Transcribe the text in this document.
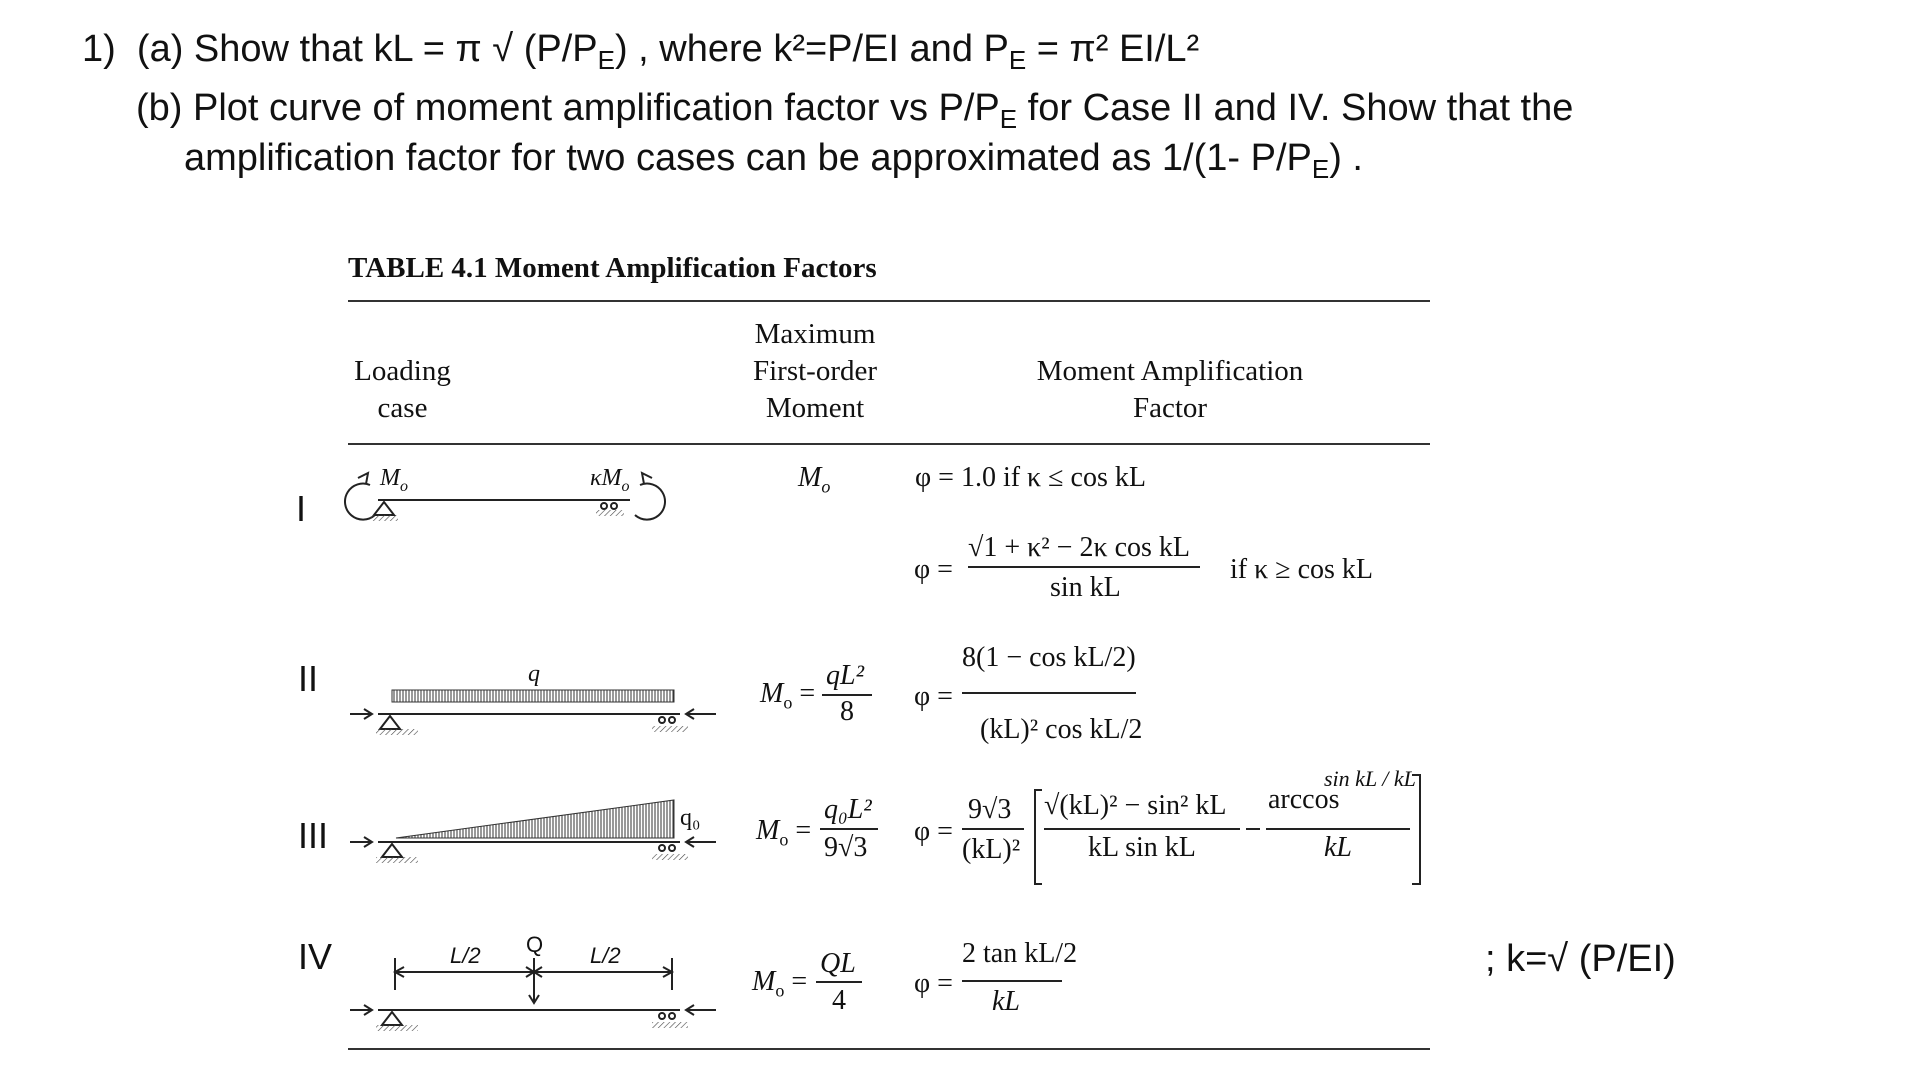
1) (a) Show that kL = π √ $(P/P_E)$ , where k²=P/EI and $P_E = \pi^2$ EI/L²
(b) Plot curve of moment amplification factor vs $P/P_E$ for Case II and IV. Show that the
amplification factor for two cases can be approximated as 1/(1- $P/P_E$) .
TABLE 4.1 Moment Amplification Factors
Loading
case
Maximum
First-order
Moment
Moment Amplification
Factor
I
II
III
IV
$M_o$	$\kappa M_o$
q
q₀
L/2 Q L/2
$M_o$
$M_o$ =
qL²
8
$M_o$ =
q₀L²
9√3
$M_o$ =
QL
4
φ = 1.0 if κ ≤ cos kL
φ =
√1 + κ² − 2κ cos kL
sin kL
if κ ≥ cos kL
φ =
8(1 − cos kL/2)
(kL)² cos kL/2
φ =
9√3
(kL)²
√(kL)² − sin² kL
kL sin kL
arccos
sin kL / kL
kL
φ =
2 tan kL/2
kL
; k=√ (P/EI)
